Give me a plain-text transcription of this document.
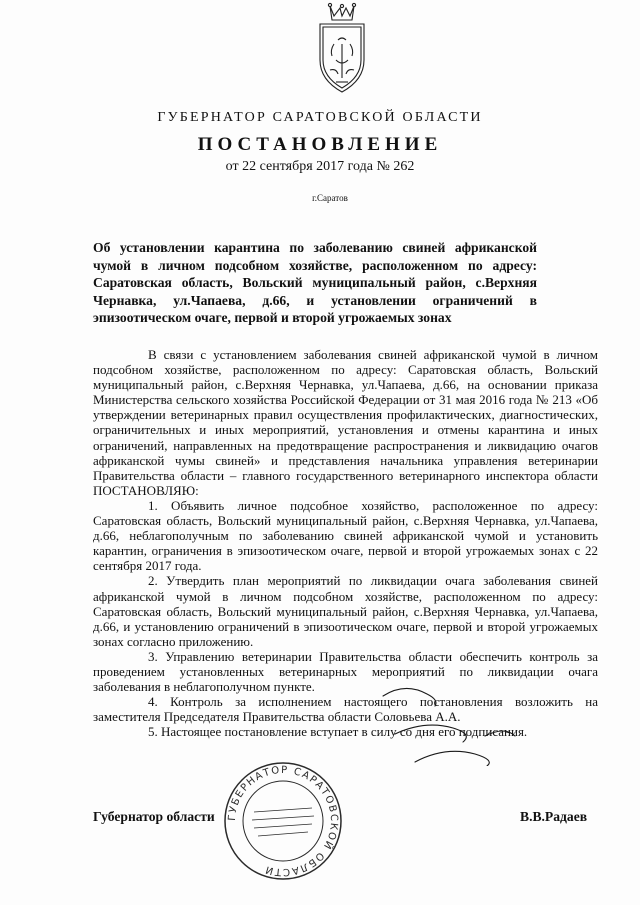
ГУБЕРНАТОР САРАТОВСКОЙ ОБЛАСТИ
ПОСТАНОВЛЕНИЕ
от 22 сентября 2017 года № 262
г.Саратов
Об установлении карантина по заболеванию свиней африканской чумой в личном подсобном хозяйстве, расположенном по адресу: Саратовская область, Вольский муниципальный район, с.Верхняя Чернавка, ул.Чапаева, д.66, и установлении ограничений в эпизоотическом очаге, первой и второй угрожаемых зонах

В связи с установлением заболевания свиней африканской чумой в личном подсобном хозяйстве, расположенном по адресу: Саратовская область, Вольский муниципальный район, с.Верхняя Чернавка, ул.Чапаева, д.66, на основании приказа Министерства сельского хозяйства Российской Федерации от 31 мая 2016 года № 213 «Об утверждении ветеринарных правил осуществления профилактических, диагностических, ограничительных и иных мероприятий, установления и отмены карантина и иных ограничений, направленных на предотвращение распространения и ликвидацию очагов африканской чумы свиней» и представления начальника управления ветеринарии Правительства области – главного государственного ветеринарного инспектора области ПОСТАНОВЛЯЮ:

1. Объявить личное подсобное хозяйство, расположенное по адресу: Саратовская область, Вольский муниципальный район, с.Верхняя Чернавка, ул.Чапаева, д.66, неблагополучным по заболеванию свиней африканской чумой и установить карантин, ограничения в эпизоотическом очаге, первой и второй угрожаемых зонах с 22 сентября 2017 года.

2. Утвердить план мероприятий по ликвидации очага заболевания свиней африканской чумой в личном подсобном хозяйстве, расположенном по адресу: Саратовская область, Вольский муниципальный район, с.Верхняя Чернавка, ул.Чапаева, д.66, и установлению ограничений в эпизоотическом очаге, первой и второй угрожаемых зонах согласно приложению.

3. Управлению ветеринарии Правительства области обеспечить контроль за проведением установленных ветеринарных мероприятий по ликвидации очага заболевания в неблагополучном пункте.

4. Контроль за исполнением настоящего постановления возложить на заместителя Председателя Правительства области Соловьева А.А.

5. Настоящее постановление вступает в силу со дня его подписания.

Губернатор области	В.В.Радаев
ГУБЕРНАТОР САРАТОВСКОЙ ОБЛАСТИ
